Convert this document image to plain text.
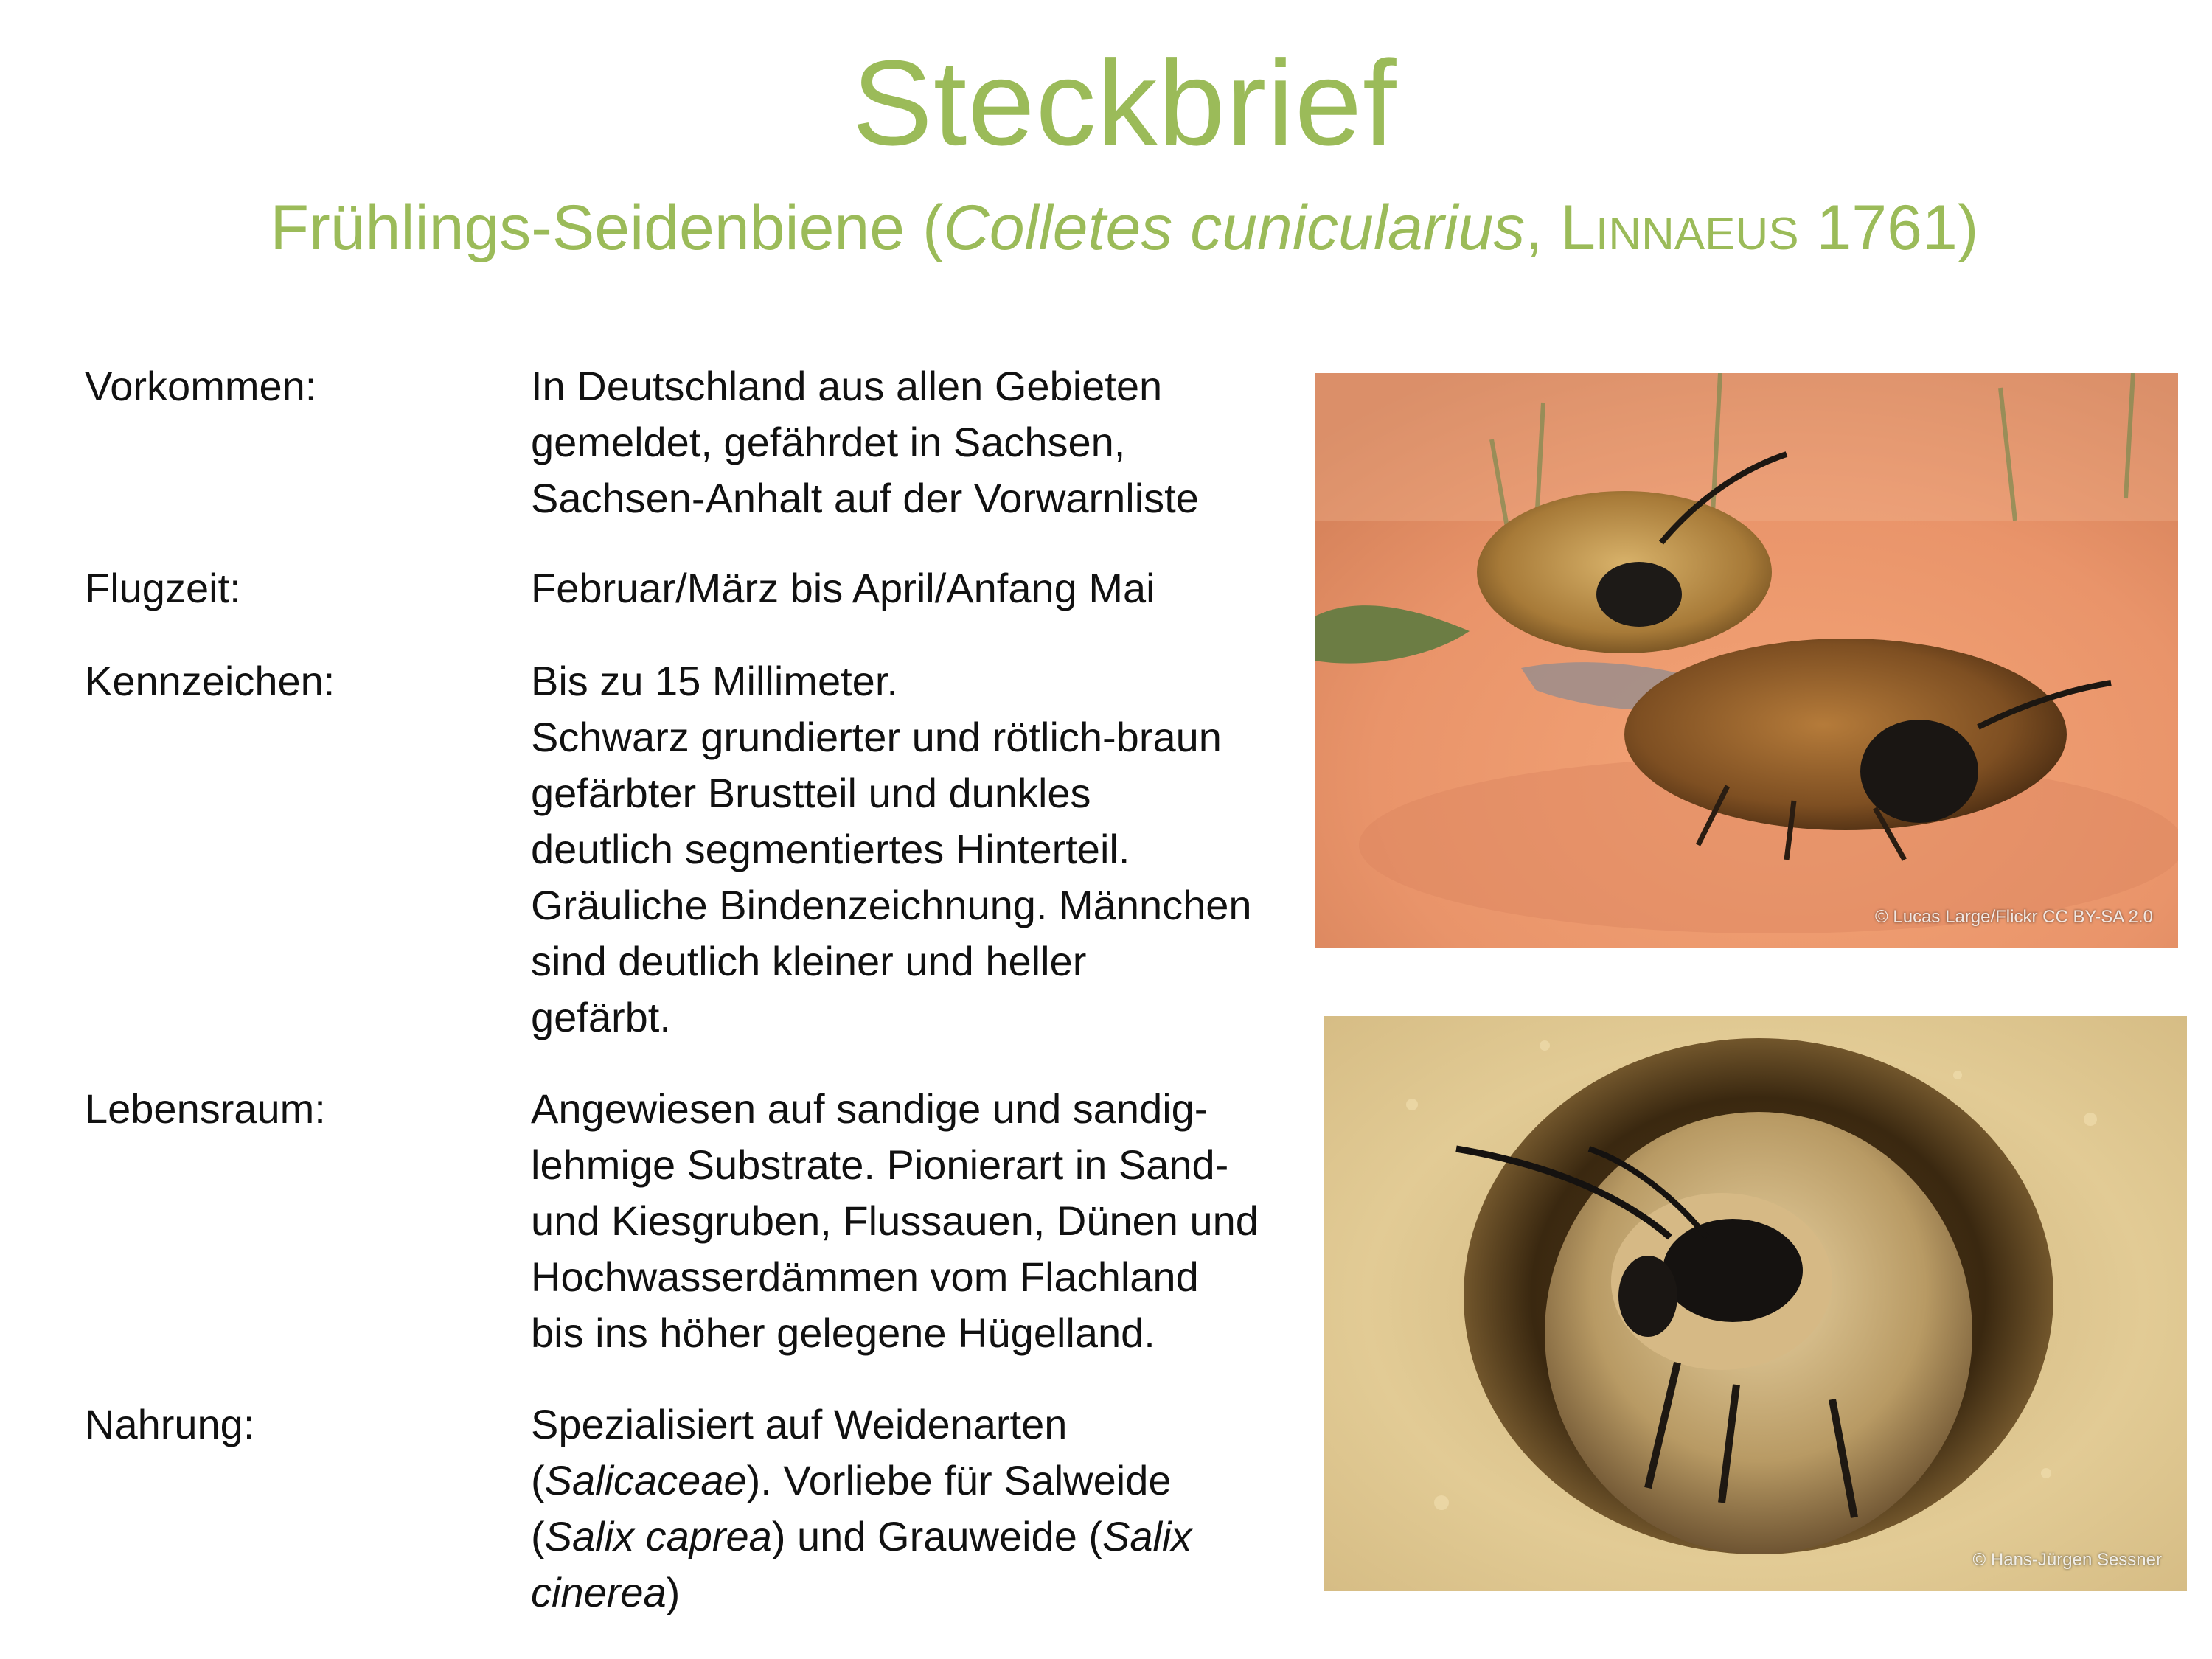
Steckbrief
Frühlings-Seidenbiene (Colletes cunicularius, LINNAEUS 1761)
Vorkommen:	In Deutschland aus allen Gebieten

gemeldet, gefährdet in Sachsen,

Sachsen-Anhalt auf der Vorwarnliste

Flugzeit:	Februar/März bis April/Anfang Mai

Kennzeichen:	Bis zu 15 Millimeter.

Schwarz grundierter und rötlich-braun

gefärbter Brustteil und dunkles

deutlich segmentiertes Hinterteil.

Gräuliche Bindenzeichnung. Männchen

sind deutlich kleiner und heller

gefärbt.

Lebensraum:	Angewiesen auf sandige und sandig-

lehmige Substrate. Pionierart in Sand-

und Kiesgruben, Flussauen, Dünen und

Hochwasserdämmen vom Flachland

bis ins höher gelegene Hügelland.

Nahrung:	Spezialisiert auf Weidenarten

(Salicaceae). Vorliebe für Salweide

(Salix caprea) und Grauweide (Salix

cinerea)

© Lucas Large/Flickr CC BY-SA 2.0
© Hans-Jürgen Sessner
